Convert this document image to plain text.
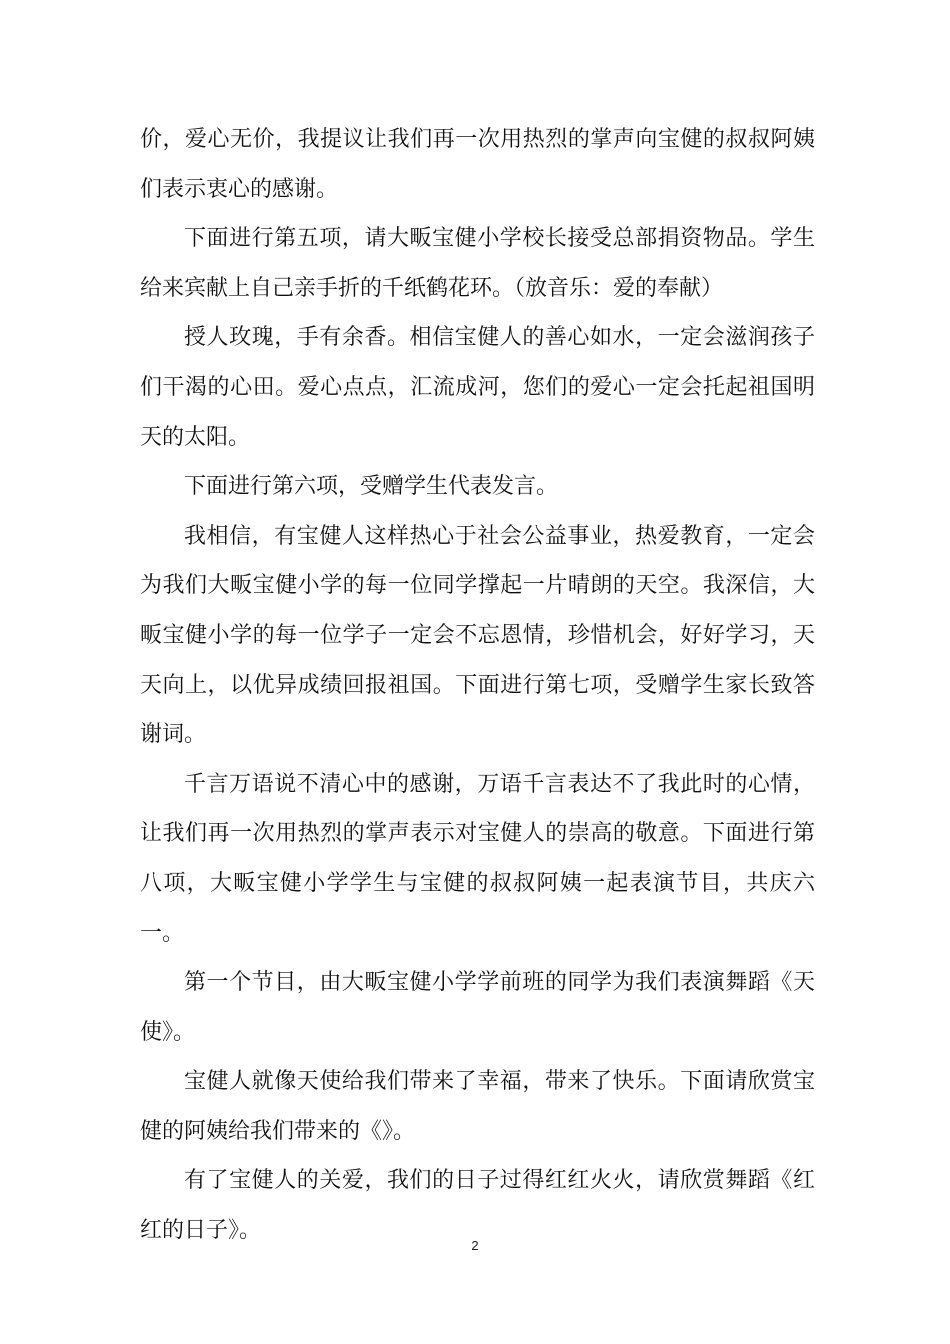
价，爱心无价，我提议让我们再一次用热烈的掌声向宝健的叔叔阿姨们表示衷心的感谢。

下面进行第五项，请大畈宝健小学校长接受总部捐资物品。学生给来宾献上自己亲手折的千纸鹤花环。（放音乐：爱的奉献）

授人玫瑰，手有余香。相信宝健人的善心如水，一定会滋润孩子们干渴的心田。爱心点点，汇流成河，您们的爱心一定会托起祖国明天的太阳。

下面进行第六项，受赠学生代表发言。

我相信，有宝健人这样热心于社会公益事业，热爱教育，一定会为我们大畈宝健小学的每一位同学撑起一片晴朗的天空。我深信，大畈宝健小学的每一位学子一定会不忘恩情，珍惜机会，好好学习，天天向上，以优异成绩回报祖国。下面进行第七项，受赠学生家长致答谢词。

千言万语说不清心中的感谢，万语千言表达不了我此时的心情，让我们再一次用热烈的掌声表示对宝健人的崇高的敬意。下面进行第八项，大畈宝健小学学生与宝健的叔叔阿姨一起表演节目，共庆六一。

第一个节目，由大畈宝健小学学前班的同学为我们表演舞蹈《天使》。

宝健人就像天使给我们带来了幸福，带来了快乐。下面请欣赏宝健的阿姨给我们带来的《》。

有了宝健人的关爱，我们的日子过得红红火火，请欣赏舞蹈《红红的日子》。

2
